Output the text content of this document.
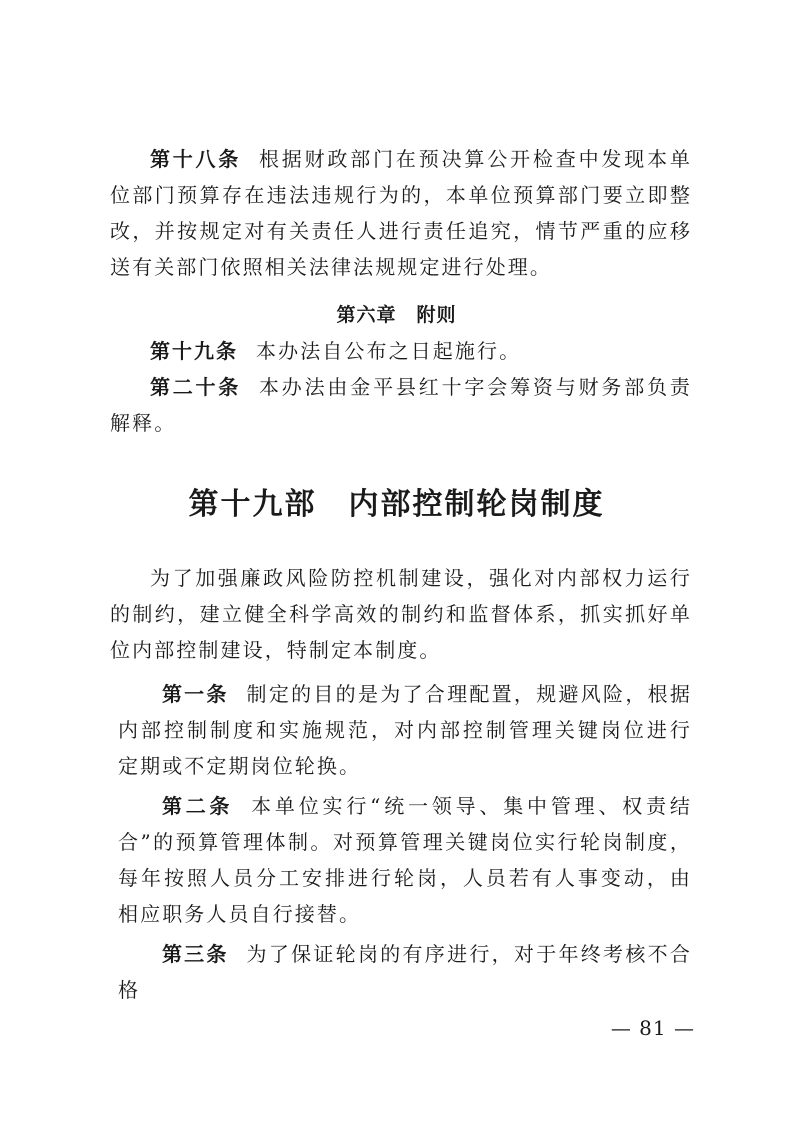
第十八条 根据财政部门在预决算公开检查中发现本单位部门预算存在违法违规行为的，本单位预算部门要立即整改，并按规定对有关责任人进行责任追究，情节严重的应移送有关部门依照相关法律法规规定进行处理。

第六章　附则

第十九条 本办法自公布之日起施行。

第二十条 本办法由金平县红十字会筹资与财务部负责解释。

第十九部　内部控制轮岗制度

为了加强廉政风险防控机制建设，强化对内部权力运行的制约，建立健全科学高效的制约和监督体系，抓实抓好单位内部控制建设，特制定本制度。

第一条 制定的目的是为了合理配置，规避风险，根据内部控制制度和实施规范，对内部控制管理关键岗位进行定期或不定期岗位轮换。

第二条 本单位实行“统一领导、集中管理、权责结合”的预算管理体制。对预算管理关键岗位实行轮岗制度，每年按照人员分工安排进行轮岗，人员若有人事变动，由相应职务人员自行接替。

第三条 为了保证轮岗的有序进行，对于年终考核不合格

— 81 —
